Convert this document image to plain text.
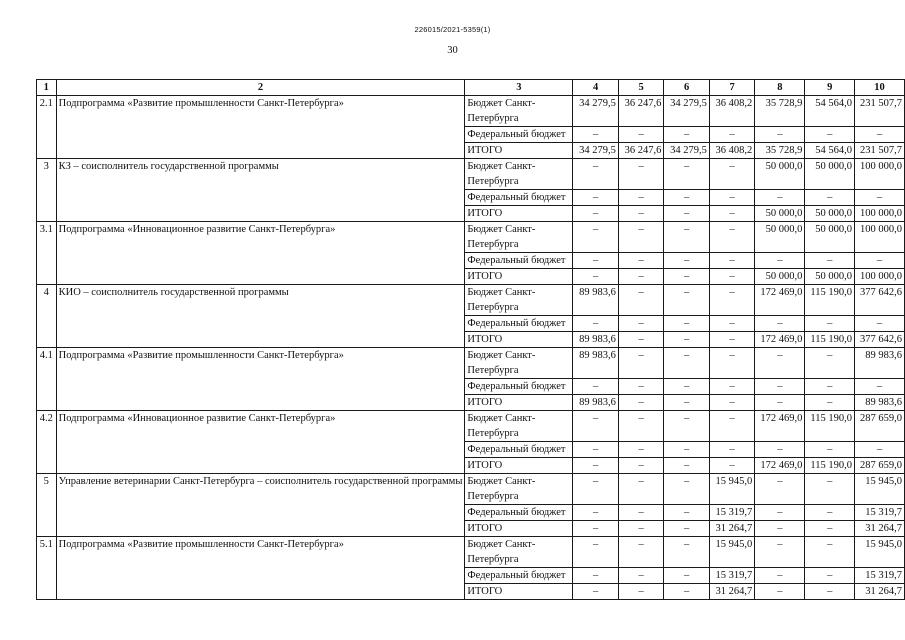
226015/2021-5359(1)
30
1	2	3	4	5	6	7	8	9	10
2.1	Подпрограмма «Развитие промышленности Санкт-Петербурга»	Бюджет Санкт-Петербурга	34 279,5	36 247,6	34 279,5	36 408,2	35 728,9	54 564,0	231 507,7
		Федеральный бюджет	–	–	–	–	–	–	–
		ИТОГО	34 279,5	36 247,6	34 279,5	36 408,2	35 728,9	54 564,0	231 507,7
3	КЗ – соисполнитель государственной программы	Бюджет Санкт-Петербурга	–	–	–	–	50 000,0	50 000,0	100 000,0
		Федеральный бюджет	–	–	–	–	–	–	–
		ИТОГО	–	–	–	–	50 000,0	50 000,0	100 000,0
3.1	Подпрограмма «Инновационное развитие Санкт-Петербурга»	Бюджет Санкт-Петербурга	–	–	–	–	50 000,0	50 000,0	100 000,0
		Федеральный бюджет	–	–	–	–	–	–	–
		ИТОГО	–	–	–	–	50 000,0	50 000,0	100 000,0
4	КИО – соисполнитель государственной программы	Бюджет Санкт-Петербурга	89 983,6	–	–	–	172 469,0	115 190,0	377 642,6
		Федеральный бюджет	–	–	–	–	–	–	–
		ИТОГО	89 983,6	–	–	–	172 469,0	115 190,0	377 642,6
4.1	Подпрограмма «Развитие промышленности Санкт-Петербурга»	Бюджет Санкт-Петербурга	89 983,6	–	–	–	–	–	89 983,6
		Федеральный бюджет	–	–	–	–	–	–	–
		ИТОГО	89 983,6	–	–	–	–	–	89 983,6
4.2	Подпрограмма «Инновационное развитие Санкт-Петербурга»	Бюджет Санкт-Петербурга	–	–	–	–	172 469,0	115 190,0	287 659,0
		Федеральный бюджет	–	–	–	–	–	–	–
		ИТОГО	–	–	–	–	172 469,0	115 190,0	287 659,0
5	Управление ветеринарии Санкт-Петербурга – соисполнитель государственной программы	Бюджет Санкт-Петербурга	–	–	–	15 945,0	–	–	15 945,0
		Федеральный бюджет	–	–	–	15 319,7	–	–	15 319,7
		ИТОГО	–	–	–	31 264,7	–	–	31 264,7
5.1	Подпрограмма «Развитие промышленности Санкт-Петербурга»	Бюджет Санкт-Петербурга	–	–	–	15 945,0	–	–	15 945,0
		Федеральный бюджет	–	–	–	15 319,7	–	–	15 319,7
		ИТОГО	–	–	–	31 264,7	–	–	31 264,7
